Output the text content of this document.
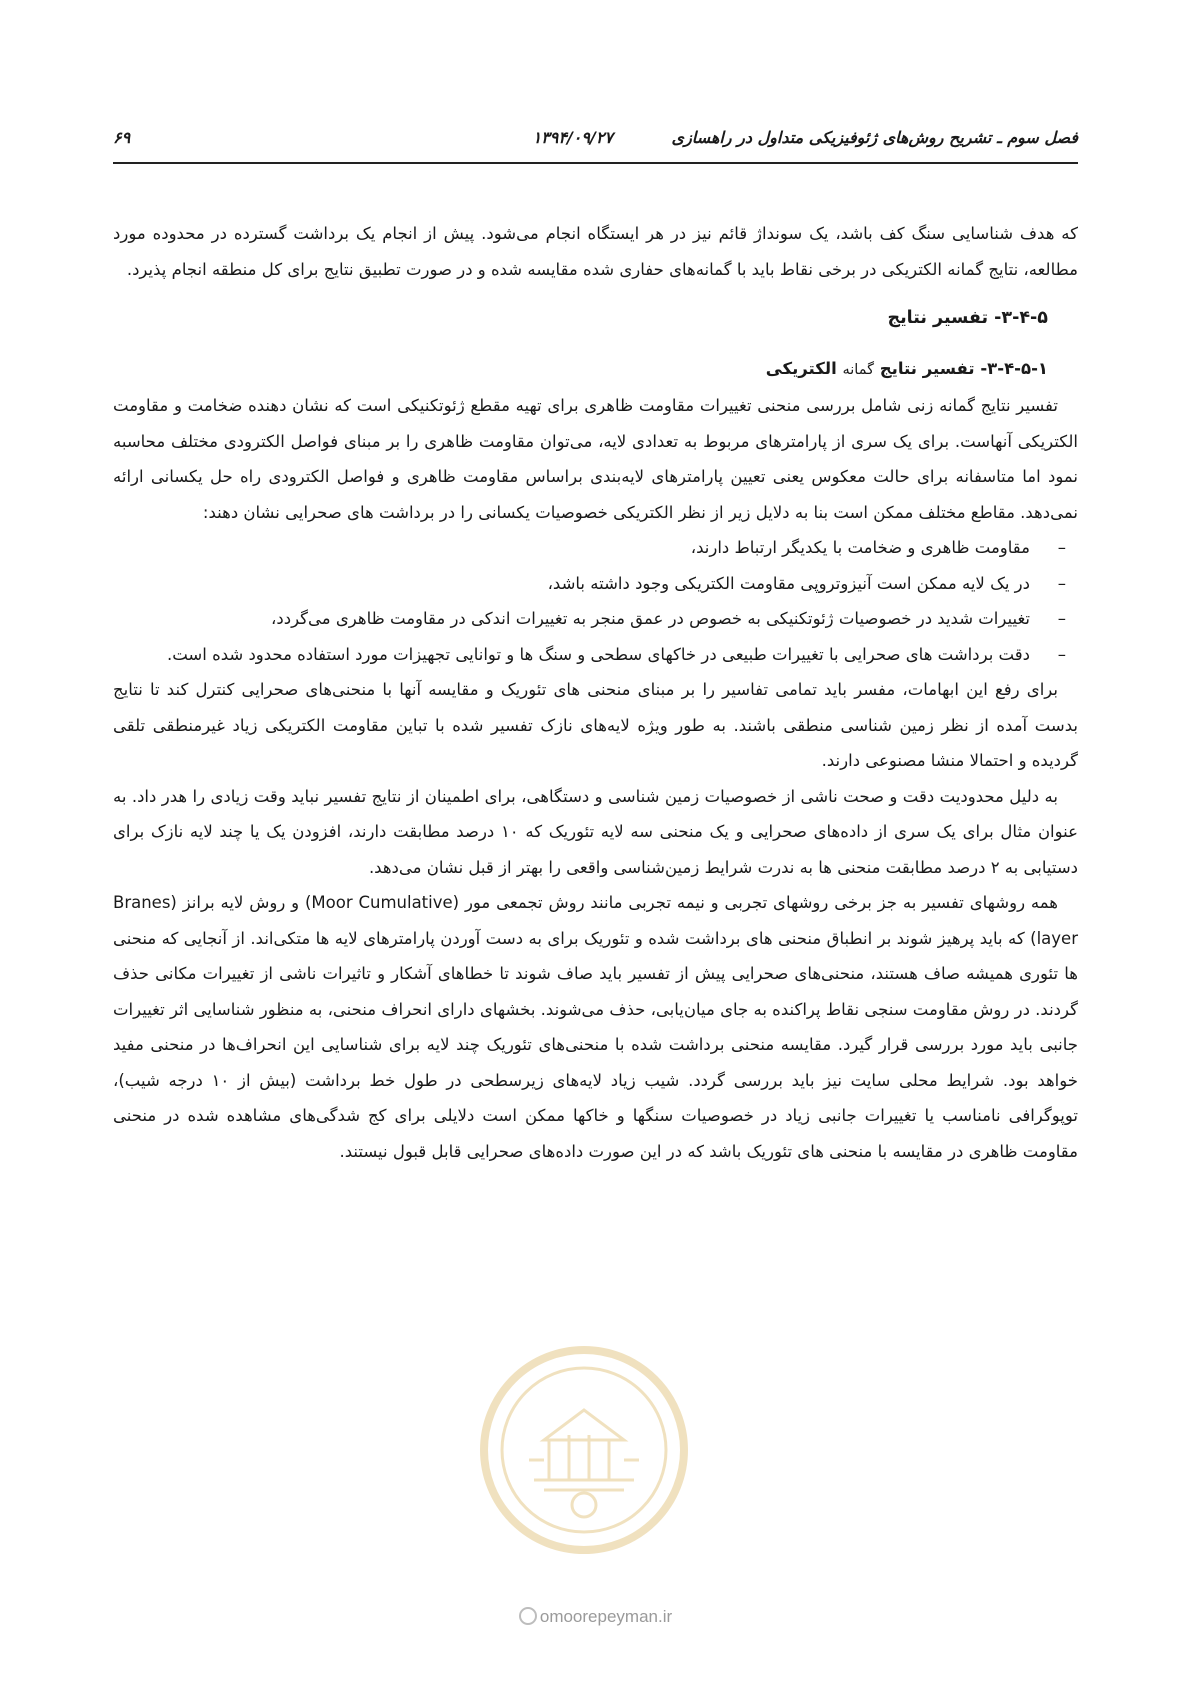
فصل سوم ـ تشریح روش‌های ژئوفیزیکی متداول در راهسازی
۱۳۹۴/۰۹/۲۷
۶۹

که هدف شناسایی سنگ کف باشد، یک سونداژ قائم نیز در هر ایستگاه انجام می‌شود. پیش از انجام یک برداشت گسترده در محدوده مورد مطالعه، نتایج گمانه الکتریکی در برخی نقاط باید با گمانه‌های حفاری شده مقایسه شده و در صورت تطبیق نتایج برای کل منطقه انجام پذیرد.

۳-۴-۵- تفسیر نتایج

۳-۴-۵-۱- تفسیر نتایج گمانه الکتریکی

تفسیر نتایج گمانه زنی شامل بررسی منحنی تغییرات مقاومت ظاهری برای تهیه مقطع ژئوتکنیکی است که نشان دهنده ضخامت و مقاومت الکتریکی آنهاست. برای یک سری از پارامترهای مربوط به تعدادی لایه، می‌توان مقاومت ظاهری را بر مبنای فواصل الکترودی مختلف محاسبه نمود اما متاسفانه برای حالت معکوس یعنی تعیین پارامترهای لایه‌بندی براساس مقاومت ظاهری و فواصل الکترودی راه حل یکسانی ارائه نمی‌دهد. مقاطع مختلف ممکن است بنا به دلایل زیر از نظر الکتریکی خصوصیات یکسانی را در برداشت های صحرایی نشان دهند:

–
مقاومت ظاهری و ضخامت با یکدیگر ارتباط دارند،
–
در یک لایه ممکن است آنیزوتروپی مقاومت الکتریکی وجود داشته باشد،
–
تغییرات شدید در خصوصیات ژئوتکنیکی به خصوص در عمق منجر به تغییرات اندکی در مقاومت ظاهری می‌گردد،
–
دقت برداشت های صحرایی با تغییرات طبیعی در خاکهای سطحی و سنگ ها و توانایی تجهیزات مورد استفاده محدود شده است.

برای رفع این ابهامات، مفسر باید تمامی تفاسیر را بر مبنای منحنی های تئوریک و مقایسه آنها با منحنی‌های صحرایی کنترل کند تا نتایج بدست آمده از نظر زمین شناسی منطقی باشند. به طور ویژه لایه‌های نازک تفسیر شده با تباین مقاومت الکتریکی زیاد غیرمنطقی تلقی گردیده و احتمالا منشا مصنوعی دارند.

به دلیل محدودیت دقت و صحت ناشی از خصوصیات زمین شناسی و دستگاهی، برای اطمینان از نتایج تفسیر نباید وقت زیادی را هدر داد. به عنوان مثال برای یک سری از داده‌های صحرایی و یک منحنی سه لایه تئوریک که ۱۰ درصد مطابقت دارند، افزودن یک یا چند لایه نازک برای دستیابی به ۲ درصد مطابقت منحنی ها به ندرت شرایط زمین‌شناسی واقعی را بهتر از قبل نشان می‌دهد.

همه روشهای تفسیر به جز برخی روشهای تجربی و نیمه تجربی مانند روش تجمعی مور (Moor Cumulative) و روش لایه برانز (Branes layer) که باید پرهیز شوند بر انطباق منحنی های برداشت شده و تئوریک برای به دست آوردن پارامترهای لایه ها متکی‌اند. از آنجایی که منحنی ها تئوری همیشه صاف هستند، منحنی‌های صحرایی پیش از تفسیر باید صاف شوند تا خطاهای آشکار و تاثیرات ناشی از تغییرات مکانی حذف گردند. در روش مقاومت سنجی نقاط پراکنده به جای میان‌یابی، حذف می‌شوند. بخشهای دارای انحراف منحنی، به منظور شناسایی اثر تغییرات جانبی باید مورد بررسی قرار گیرد. مقایسه منحنی برداشت شده با منحنی‌های تئوریک چند لایه برای شناسایی این انحراف‌ها در منحنی مفید خواهد بود. شرایط محلی سایت نیز باید بررسی گردد. شیب زیاد لایه‌های زیرسطحی در طول خط برداشت (بیش از ۱۰ درجه شیب)، توپوگرافی نامناسب یا تغییرات جانبی زیاد در خصوصیات سنگها و خاکها ممکن است دلایلی برای کج شدگی‌های مشاهده شده در منحنی مقاومت ظاهری در مقایسه با منحنی های تئوریک باشد که در این صورت داده‌های صحرایی قابل قبول نیستند.

omoorepeyman.ir
